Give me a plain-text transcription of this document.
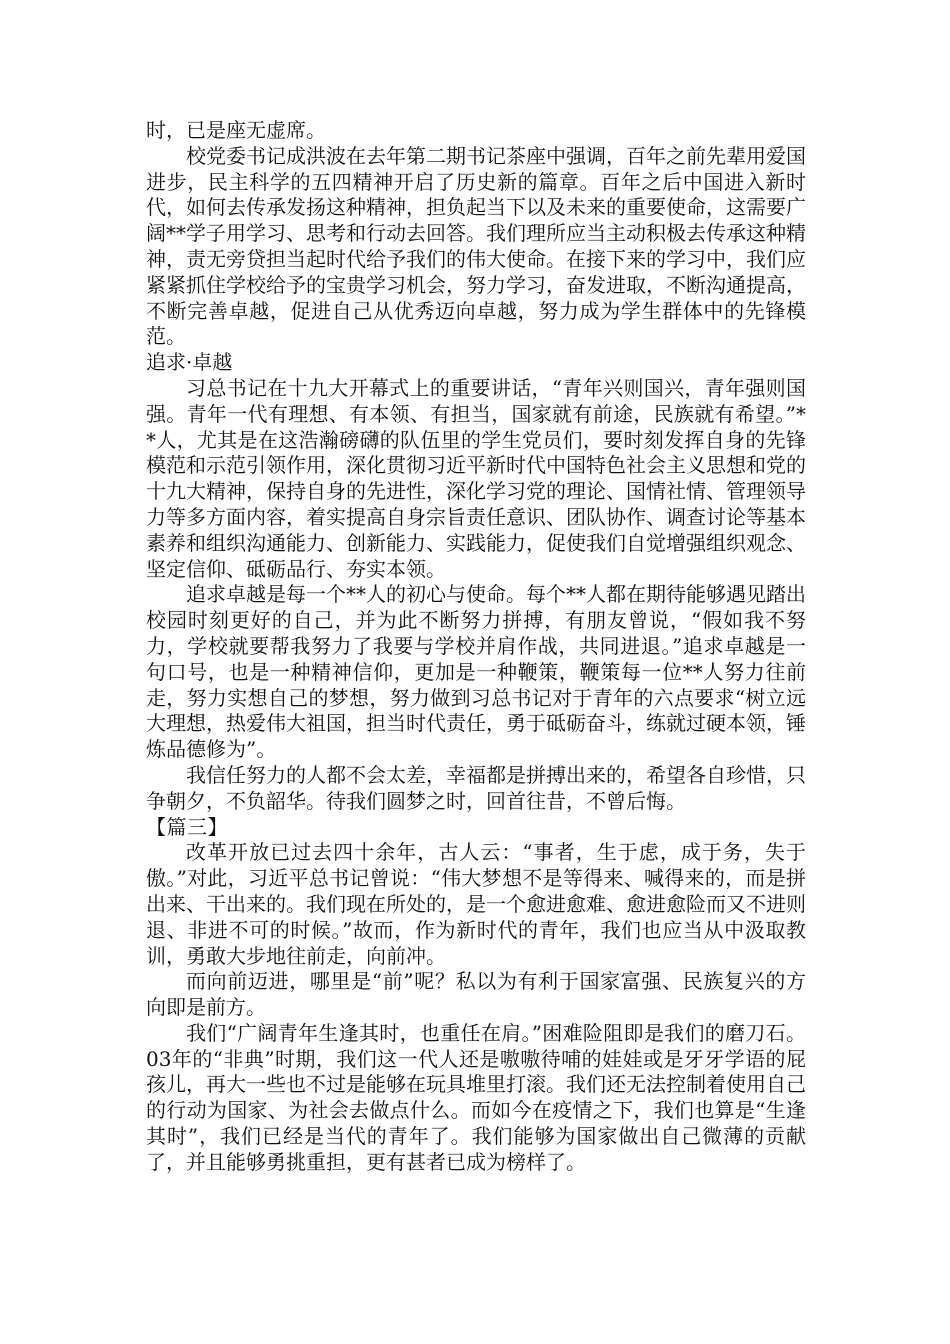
时，已是座无虚席。

校党委书记成洪波在去年第二期书记茶座中强调，百年之前先辈用爱国进步，民主科学的五四精神开启了历史新的篇章。百年之后中国进入新时代，如何去传承发扬这种精神，担负起当下以及未来的重要使命，这需要广阔**学子用学习、思考和行动去回答。我们理所应当主动积极去传承这种精神，责无旁贷担当起时代给予我们的伟大使命。在接下来的学习中，我们应紧紧抓住学校给予的宝贵学习机会，努力学习，奋发进取，不断沟通提高，不断完善卓越，促进自己从优秀迈向卓越，努力成为学生群体中的先锋模范。

追求·卓越

习总书记在十九大开幕式上的重要讲话，“青年兴则国兴，青年强则国强。青年一代有理想、有本领、有担当，国家就有前途，民族就有希望。”**人，尤其是在这浩瀚磅礴的队伍里的学生党员们，要时刻发挥自身的先锋模范和示范引领作用，深化贯彻习近平新时代中国特色社会主义思想和党的十九大精神，保持自身的先进性，深化学习党的理论、国情社情、管理领导力等多方面内容，着实提高自身宗旨责任意识、团队协作、调查讨论等基本素养和组织沟通能力、创新能力、实践能力，促使我们自觉增强组织观念、坚定信仰、砥砺品行、夯实本领。

追求卓越是每一个**人的初心与使命。每个**人都在期待能够遇见踏出校园时刻更好的自己，并为此不断努力拼搏，有朋友曾说，“假如我不努力，学校就要帮我努力了我要与学校并肩作战，共同进退。”追求卓越是一句口号，也是一种精神信仰，更加是一种鞭策，鞭策每一位**人努力往前走，努力实想自己的梦想，努力做到习总书记对于青年的六点要求“树立远大理想，热爱伟大祖国，担当时代责任，勇于砥砺奋斗，练就过硬本领，锤炼品德修为”。

我信任努力的人都不会太差，幸福都是拼搏出来的，希望各自珍惜，只争朝夕，不负韶华。待我们圆梦之时，回首往昔，不曾后悔。

【篇三】

改革开放已过去四十余年，古人云：“事者，生于虑，成于务，失于傲。”对此，习近平总书记曾说：“伟大梦想不是等得来、喊得来的，而是拼出来、干出来的。我们现在所处的，是一个愈进愈难、愈进愈险而又不进则退、非进不可的时候。”故而，作为新时代的青年，我们也应当从中汲取教训，勇敢大步地往前走，向前冲。

而向前迈进，哪里是“前”呢？私以为有利于国家富强、民族复兴的方向即是前方。

我们“广阔青年生逢其时，也重任在肩。”困难险阻即是我们的磨刀石。03年的“非典”时期，我们这一代人还是嗷嗷待哺的娃娃或是牙牙学语的屁孩儿，再大一些也不过是能够在玩具堆里打滚。我们还无法控制着使用自己的行动为国家、为社会去做点什么。而如今在疫情之下，我们也算是“生逢其时”，我们已经是当代的青年了。我们能够为国家做出自己微薄的贡献了，并且能够勇挑重担，更有甚者已成为榜样了。
